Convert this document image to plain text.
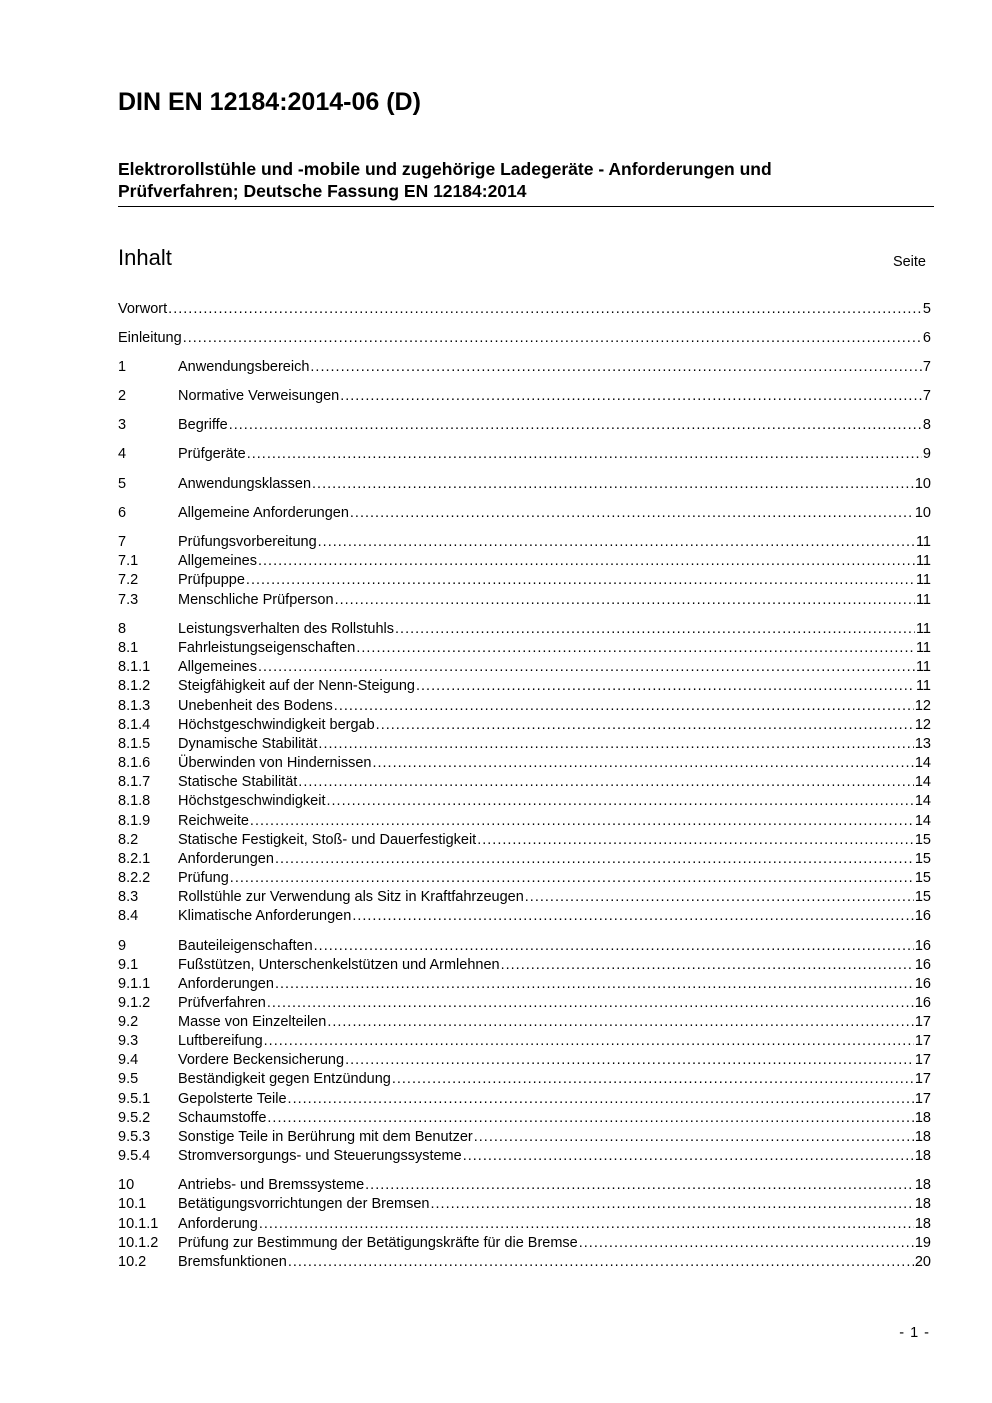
DIN EN 12184:2014-06 (D)
Elektrorollstühle und -mobile und zugehörige Ladegeräte - Anforderungen und
Prüfverfahren; Deutsche Fassung EN 12184:2014
Inhalt	Seite
Vorwort .....	5
Einleitung .....	6
1	Anwendungsbereich .....	7
2	Normative Verweisungen .....	7
3	Begriffe .....	8
4	Prüfgeräte .....	9
5	Anwendungsklassen .....	10
6	Allgemeine Anforderungen .....	10
7	Prüfungsvorbereitung .....	11
7.1	Allgemeines .....	11
7.2	Prüfpuppe .....	11
7.3	Menschliche Prüfperson .....	11
8	Leistungsverhalten des Rollstuhls .....	11
8.1	Fahrleistungseigenschaften .....	11
8.1.1	Allgemeines .....	11
8.1.2	Steigfähigkeit auf der Nenn-Steigung .....	11
8.1.3	Unebenheit des Bodens .....	12
8.1.4	Höchstgeschwindigkeit bergab .....	12
8.1.5	Dynamische Stabilität .....	13
8.1.6	Überwinden von Hindernissen .....	14
8.1.7	Statische Stabilität .....	14
8.1.8	Höchstgeschwindigkeit .....	14
8.1.9	Reichweite .....	14
8.2	Statische Festigkeit, Stoß- und Dauerfestigkeit .....	15
8.2.1	Anforderungen .....	15
8.2.2	Prüfung .....	15
8.3	Rollstühle zur Verwendung als Sitz in Kraftfahrzeugen .....	15
8.4	Klimatische Anforderungen .....	16
9	Bauteileigenschaften .....	16
9.1	Fußstützen, Unterschenkelstützen und Armlehnen .....	16
9.1.1	Anforderungen .....	16
9.1.2	Prüfverfahren .....	16
9.2	Masse von Einzelteilen .....	17
9.3	Luftbereifung .....	17
9.4	Vordere Beckensicherung .....	17
9.5	Beständigkeit gegen Entzündung .....	17
9.5.1	Gepolsterte Teile .....	17
9.5.2	Schaumstoffe .....	18
9.5.3	Sonstige Teile in Berührung mit dem Benutzer .....	18
9.5.4	Stromversorgungs- und Steuerungssysteme .....	18
10	Antriebs- und Bremssysteme .....	18
10.1	Betätigungsvorrichtungen der Bremsen .....	18
10.1.1	Anforderung .....	18
10.1.2	Prüfung zur Bestimmung der Betätigungskräfte für die Bremse .....	19
10.2	Bremsfunktionen .....	20
- 1 -
